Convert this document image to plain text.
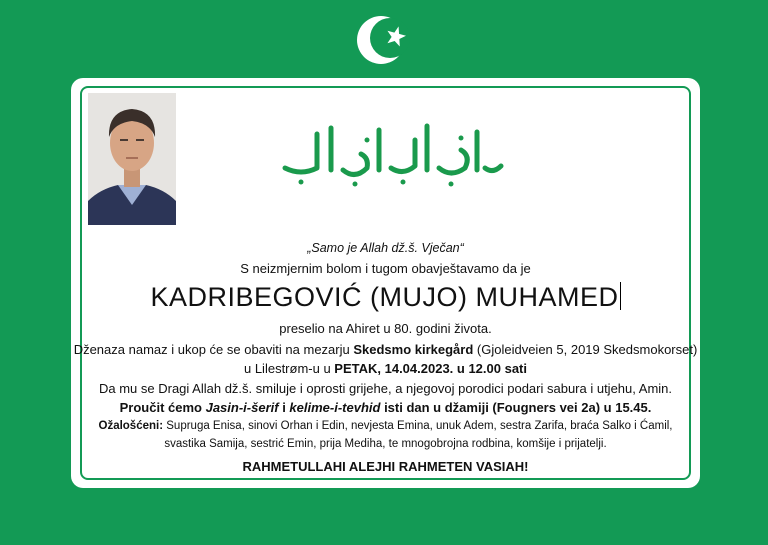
„Samo je Allah dž.š. Vječan“
S neizmjernim bolom i tugom obavještavamo da je
KADRIBEGOVIĆ (MUJO) MUHAMED
preselio na Ahiret u 80. godini života.
Dženaza namaz i ukop će se obaviti na mezarju Skedsmo kirkegård (Gjoleidveien 5, 2019 Skedsmokorset)
u Lilestrøm-u u PETAK, 14.04.2023. u 12.00 sati
Da mu se Dragi Allah dž.š. smiluje i oprosti grijehe, a njegovoj porodici podari sabura i utjehu, Amin.
Proučit ćemo Jasin-i-šerif i kelime-i-tevhid isti dan u džamiji (Fougners vei 2a) u 15.45.
Ožalošćeni: Supruga Enisa, sinovi Orhan i Edin, nevjesta Emina, unuk Adem, sestra Zarifa, braća Salko i Ćamil,
svastika Samija, sestrić Emin, prija Mediha, te mnogobrojna rodbina, komšije i prijatelji.
RAHMETULLAHI ALEJHI RAHMETEN VASIAH!
